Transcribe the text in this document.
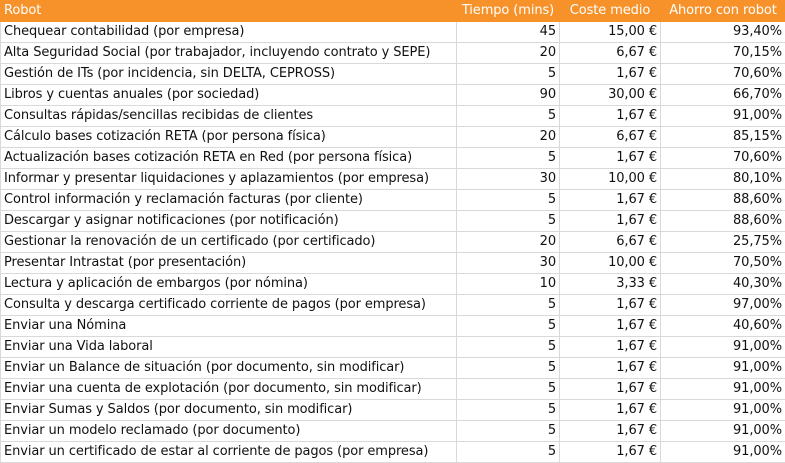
Robot	Tiempo (mins)	Coste medio	Ahorro con robot
Chequear contabilidad (por empresa)	45	15,00 €	93,40%
Alta Seguridad Social (por trabajador, incluyendo contrato y SEPE)	20	6,67 €	70,15%
Gestión de ITs (por incidencia, sin DELTA, CEPROSS)	5	1,67 €	70,60%
Libros y cuentas anuales (por sociedad)	90	30,00 €	66,70%
Consultas rápidas/sencillas recibidas de clientes	5	1,67 €	91,00%
Cálculo bases cotización RETA (por persona física)	20	6,67 €	85,15%
Actualización bases cotización RETA en Red (por persona física)	5	1,67 €	70,60%
Informar y presentar liquidaciones y aplazamientos (por empresa)	30	10,00 €	80,10%
Control información y reclamación facturas (por cliente)	5	1,67 €	88,60%
Descargar y asignar notificaciones (por notificación)	5	1,67 €	88,60%
Gestionar la renovación de un certificado (por certificado)	20	6,67 €	25,75%
Presentar Intrastat (por presentación)	30	10,00 €	70,50%
Lectura y aplicación de embargos (por nómina)	10	3,33 €	40,30%
Consulta y descarga certificado corriente de pagos (por empresa)	5	1,67 €	97,00%
Enviar una Nómina	5	1,67 €	40,60%
Enviar una Vida laboral	5	1,67 €	91,00%
Enviar un Balance de situación (por documento, sin modificar)	5	1,67 €	91,00%
Enviar una cuenta de explotación (por documento, sin modificar)	5	1,67 €	91,00%
Enviar Sumas y Saldos (por documento, sin modificar)	5	1,67 €	91,00%
Enviar un modelo reclamado (por documento)	5	1,67 €	91,00%
Enviar un certificado de estar al corriente de pagos (por empresa)	5	1,67 €	91,00%
